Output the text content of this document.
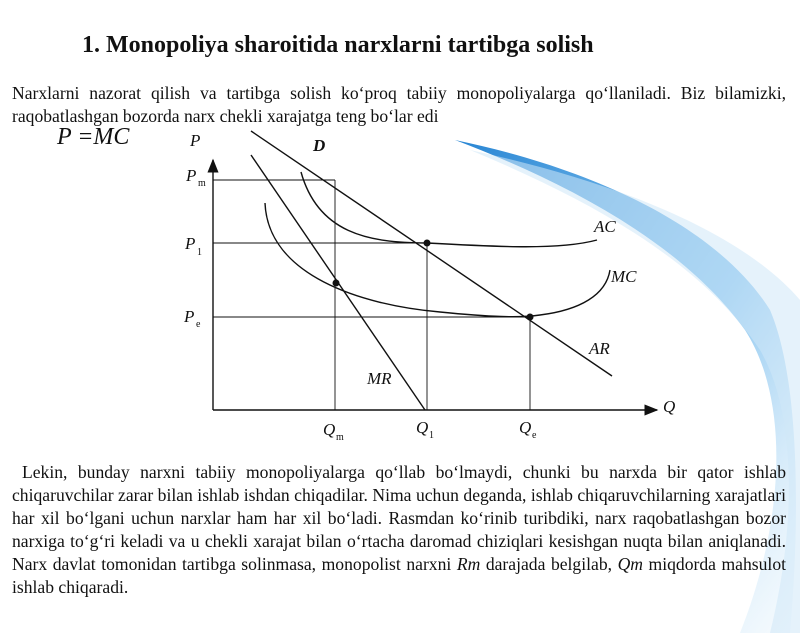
1. Monopoliya sharoitida narxlarni tartibga solish

Narxlarni nazorat qilish va tartibga solish ko‘proq tabiiy monopoliyalarga qo‘llaniladi. Biz bilamizki, raqobatlashgan bozorda narx chekli xarajatga teng bo‘lar edi

P =MC	P
Q
P m
P 1
P e
Q m
Q 1	Q e
D
AC
MC
AR
MR

Lekin, bunday narxni tabiiy monopoliyalarga qo‘llab bo‘lmaydi, chunki bu narxda bir qator ishlab chiqaruvchilar zarar bilan ishlab ishdan chiqadilar. Nima uchun deganda, ishlab chiqaruvchilarning xarajatlari har xil bo‘lgani uchun narxlar ham har xil bo‘ladi. Rasmdan ko‘rinib turibdiki, narx raqobatlashgan bozor narxiga to‘g‘ri keladi va u chekli xarajat bilan o‘rtacha daromad chiziqlari kesishgan nuqta bilan aniqlanadi. Narx davlat tomonidan tartibga solinmasa, monopolist narxni Rm darajada belgilab, Qm miqdorda mahsulot ishlab chiqaradi.
